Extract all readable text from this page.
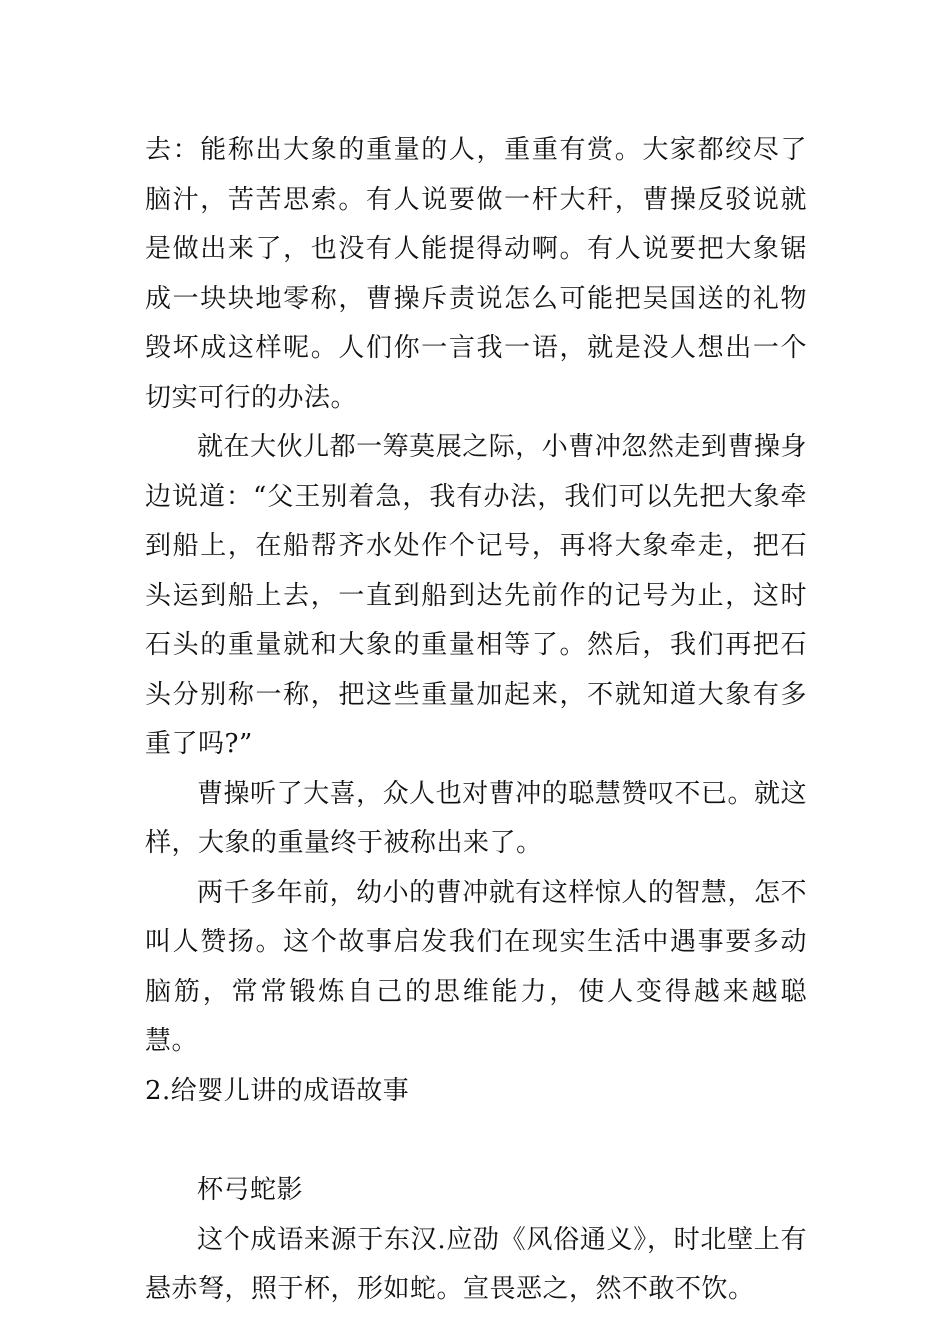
去：能称出大象的重量的人，重重有赏。大家都绞尽了脑汁，苦苦思索。有人说要做一杆大秆，曹操反驳说就是做出来了，也没有人能提得动啊。有人说要把大象锯成一块块地零称，曹操斥责说怎么可能把吴国送的礼物毁坏成这样呢。人们你一言我一语，就是没人想出一个切实可行的办法。

就在大伙儿都一筹莫展之际，小曹冲忽然走到曹操身边说道：“父王别着急，我有办法，我们可以先把大象牵到船上，在船帮齐水处作个记号，再将大象牵走，把石头运到船上去，一直到船到达先前作的记号为止，这时石头的重量就和大象的重量相等了。然后，我们再把石头分别称一称，把这些重量加起来，不就知道大象有多重了吗?”

曹操听了大喜，众人也对曹冲的聪慧赞叹不已。就这样，大象的重量终于被称出来了。

两千多年前，幼小的曹冲就有这样惊人的智慧，怎不叫人赞扬。这个故事启发我们在现实生活中遇事要多动脑筋，常常锻炼自己的思维能力，使人变得越来越聪慧。

2.给婴儿讲的成语故事

杯弓蛇影

这个成语来源于东汉.应劭《风俗通义》，时北壁上有悬赤弩，照于杯，形如蛇。宣畏恶之，然不敢不饮。
